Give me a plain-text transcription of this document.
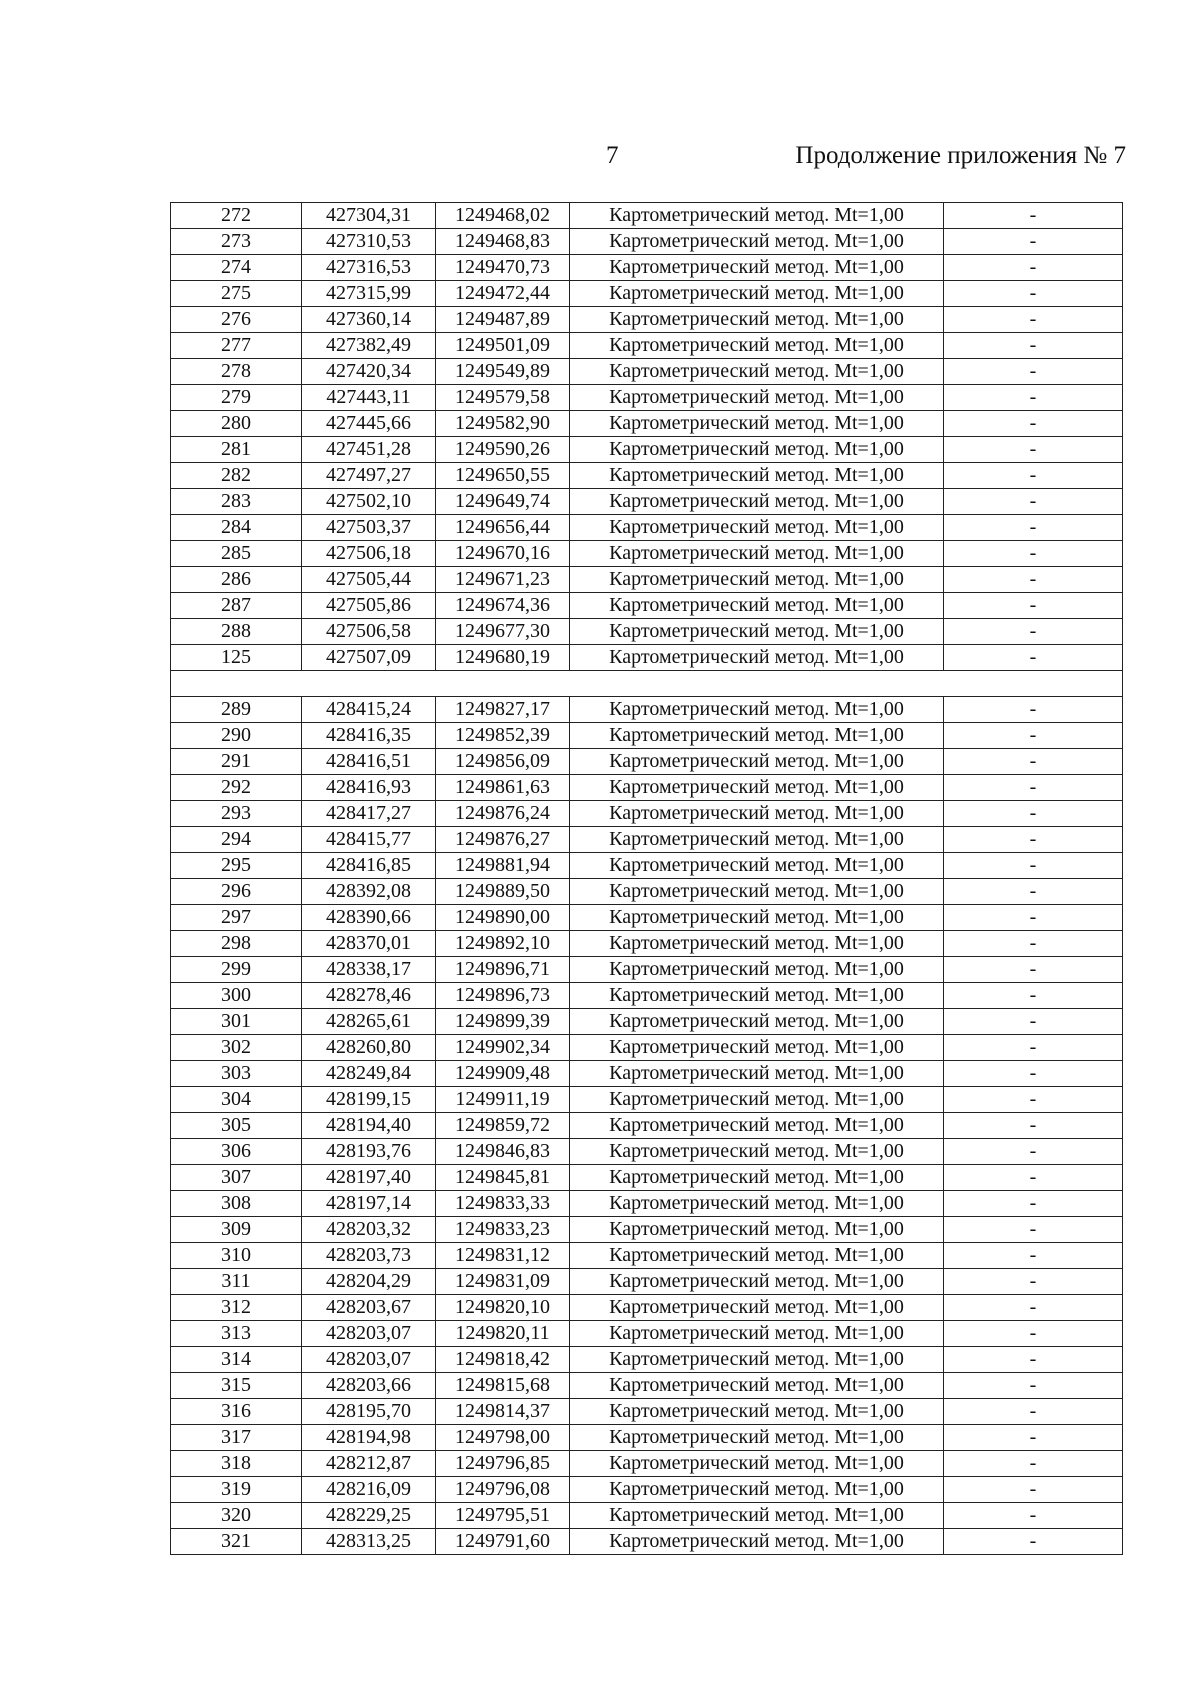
7	Продолжение приложения № 7
272	427304,31	1249468,02	Картометрический метод. Mt=1,00	-
273	427310,53	1249468,83	Картометрический метод. Mt=1,00	-
274	427316,53	1249470,73	Картометрический метод. Mt=1,00	-
275	427315,99	1249472,44	Картометрический метод. Mt=1,00	-
276	427360,14	1249487,89	Картометрический метод. Mt=1,00	-
277	427382,49	1249501,09	Картометрический метод. Mt=1,00	-
278	427420,34	1249549,89	Картометрический метод. Mt=1,00	-
279	427443,11	1249579,58	Картометрический метод. Mt=1,00	-
280	427445,66	1249582,90	Картометрический метод. Mt=1,00	-
281	427451,28	1249590,26	Картометрический метод. Mt=1,00	-
282	427497,27	1249650,55	Картометрический метод. Mt=1,00	-
283	427502,10	1249649,74	Картометрический метод. Mt=1,00	-
284	427503,37	1249656,44	Картометрический метод. Mt=1,00	-
285	427506,18	1249670,16	Картометрический метод. Mt=1,00	-
286	427505,44	1249671,23	Картометрический метод. Mt=1,00	-
287	427505,86	1249674,36	Картометрический метод. Mt=1,00	-
288	427506,58	1249677,30	Картометрический метод. Mt=1,00	-
125	427507,09	1249680,19	Картометрический метод. Mt=1,00	-

289	428415,24	1249827,17	Картометрический метод. Mt=1,00	-
290	428416,35	1249852,39	Картометрический метод. Mt=1,00	-
291	428416,51	1249856,09	Картометрический метод. Mt=1,00	-
292	428416,93	1249861,63	Картометрический метод. Mt=1,00	-
293	428417,27	1249876,24	Картометрический метод. Mt=1,00	-
294	428415,77	1249876,27	Картометрический метод. Mt=1,00	-
295	428416,85	1249881,94	Картометрический метод. Mt=1,00	-
296	428392,08	1249889,50	Картометрический метод. Mt=1,00	-
297	428390,66	1249890,00	Картометрический метод. Mt=1,00	-
298	428370,01	1249892,10	Картометрический метод. Mt=1,00	-
299	428338,17	1249896,71	Картометрический метод. Mt=1,00	-
300	428278,46	1249896,73	Картометрический метод. Mt=1,00	-
301	428265,61	1249899,39	Картометрический метод. Mt=1,00	-
302	428260,80	1249902,34	Картометрический метод. Mt=1,00	-
303	428249,84	1249909,48	Картометрический метод. Mt=1,00	-
304	428199,15	1249911,19	Картометрический метод. Mt=1,00	-
305	428194,40	1249859,72	Картометрический метод. Mt=1,00	-
306	428193,76	1249846,83	Картометрический метод. Mt=1,00	-
307	428197,40	1249845,81	Картометрический метод. Mt=1,00	-
308	428197,14	1249833,33	Картометрический метод. Mt=1,00	-
309	428203,32	1249833,23	Картометрический метод. Mt=1,00	-
310	428203,73	1249831,12	Картометрический метод. Mt=1,00	-
311	428204,29	1249831,09	Картометрический метод. Mt=1,00	-
312	428203,67	1249820,10	Картометрический метод. Mt=1,00	-
313	428203,07	1249820,11	Картометрический метод. Mt=1,00	-
314	428203,07	1249818,42	Картометрический метод. Mt=1,00	-
315	428203,66	1249815,68	Картометрический метод. Mt=1,00	-
316	428195,70	1249814,37	Картометрический метод. Mt=1,00	-
317	428194,98	1249798,00	Картометрический метод. Mt=1,00	-
318	428212,87	1249796,85	Картометрический метод. Mt=1,00	-
319	428216,09	1249796,08	Картометрический метод. Mt=1,00	-
320	428229,25	1249795,51	Картометрический метод. Mt=1,00	-
321	428313,25	1249791,60	Картометрический метод. Mt=1,00	-
